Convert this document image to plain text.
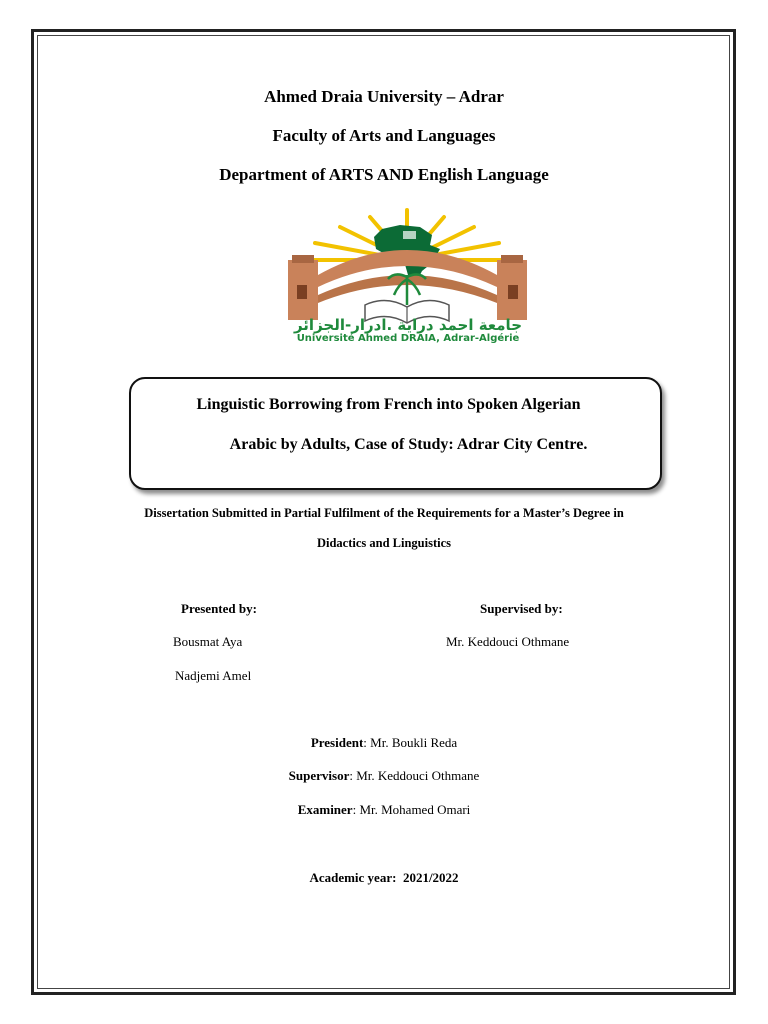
Ahmed Draia University – Adrar
Faculty of Arts and Languages
Department of ARTS AND English Language
جامعة احمد دراية .ادرار-الجزائر
Université Ahmed DRAIA, Adrar-Algérie
Linguistic Borrowing from French into Spoken Algerian
Arabic by Adults, Case of Study: Adrar City Centre.
Dissertation Submitted in Partial Fulfilment of the Requirements for a Master’s Degree in
Didactics and Linguistics
Presented by:	Supervised by:
Bousmat Aya	Mr. Keddouci Othmane
Nadjemi Amel
President: Mr. Boukli Reda
Supervisor: Mr. Keddouci Othmane
Examiner: Mr. Mohamed Omari
Academic year: 2021/2022
